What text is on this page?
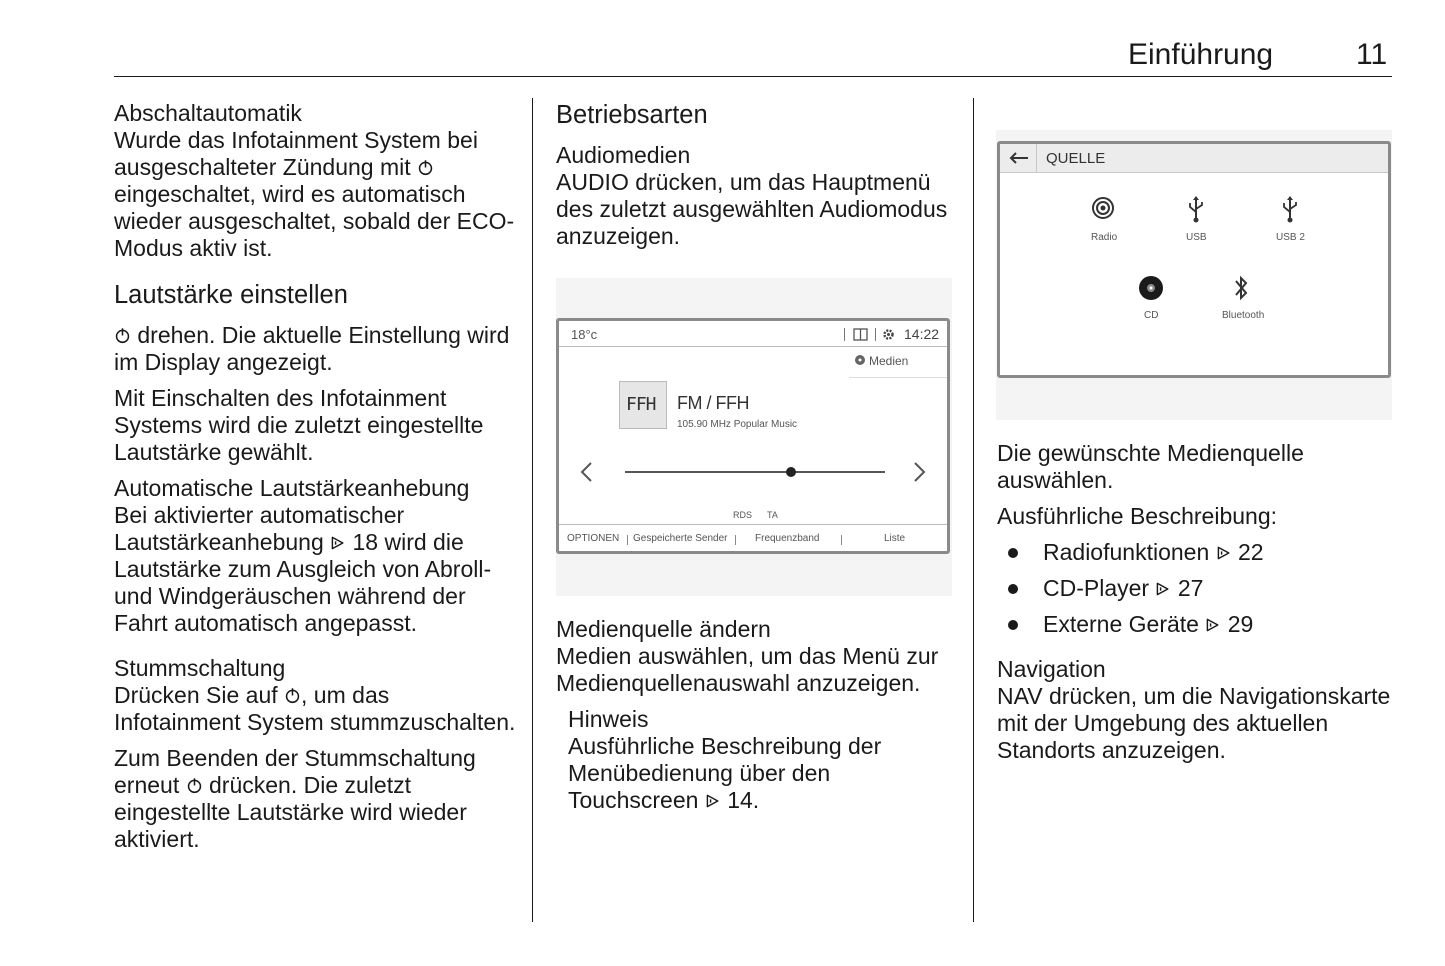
Einführung	11
Abschaltautomatik

Wurde das Infotainment System bei ausgeschalteter Zündung mit  eingeschaltet, wird es automatisch wieder ausgeschaltet, sobald der ECO-Modus aktiv ist.

Lautstärke einstellen

drehen. Die aktuelle Einstellung wird im Display angezeigt.

Mit Einschalten des Infotainment Systems wird die zuletzt eingestellte Lautstärke gewählt.

Automatische Lautstärkeanhebung

Bei aktivierter automatischer Lautstärkeanhebung 18 wird die Lautstärke zum Ausgleich von Abroll- und Windgeräuschen während der Fahrt automatisch angepasst.

Stummschaltung

Drücken Sie auf , um das Infotainment System stummzuschalten.

Zum Beenden der Stummschaltung erneut drücken. Die zuletzt eingestellte Lautstärke wird wieder aktiviert.

Betriebsarten
Audiomedien

AUDIO drücken, um das Hauptmenü des zuletzt ausgewählten Audiomodus anzuzeigen.

18°c	14:22
Medien
FFH FM / FFH
105.90 MHz Popular Music
RDS TA
OPTIONEN Gespeicherte Sender	Frequenzband	Liste
Medienquelle ändern

Medien auswählen, um das Menü zur Medienquellenauswahl anzuzeigen.

Hinweis

Ausführliche Beschreibung der Menübedienung über den Touchscreen 14.

QUELLE
Radio	USB	USB 2
CD	Bluetooth

Die gewünschte Medienquelle auswählen.

Ausführliche Beschreibung:

Radiofunktionen 22
CD-Player 27
Externe Geräte 29
Navigation

NAV drücken, um die Navigationskarte mit der Umgebung des aktuellen Standorts anzuzeigen.
